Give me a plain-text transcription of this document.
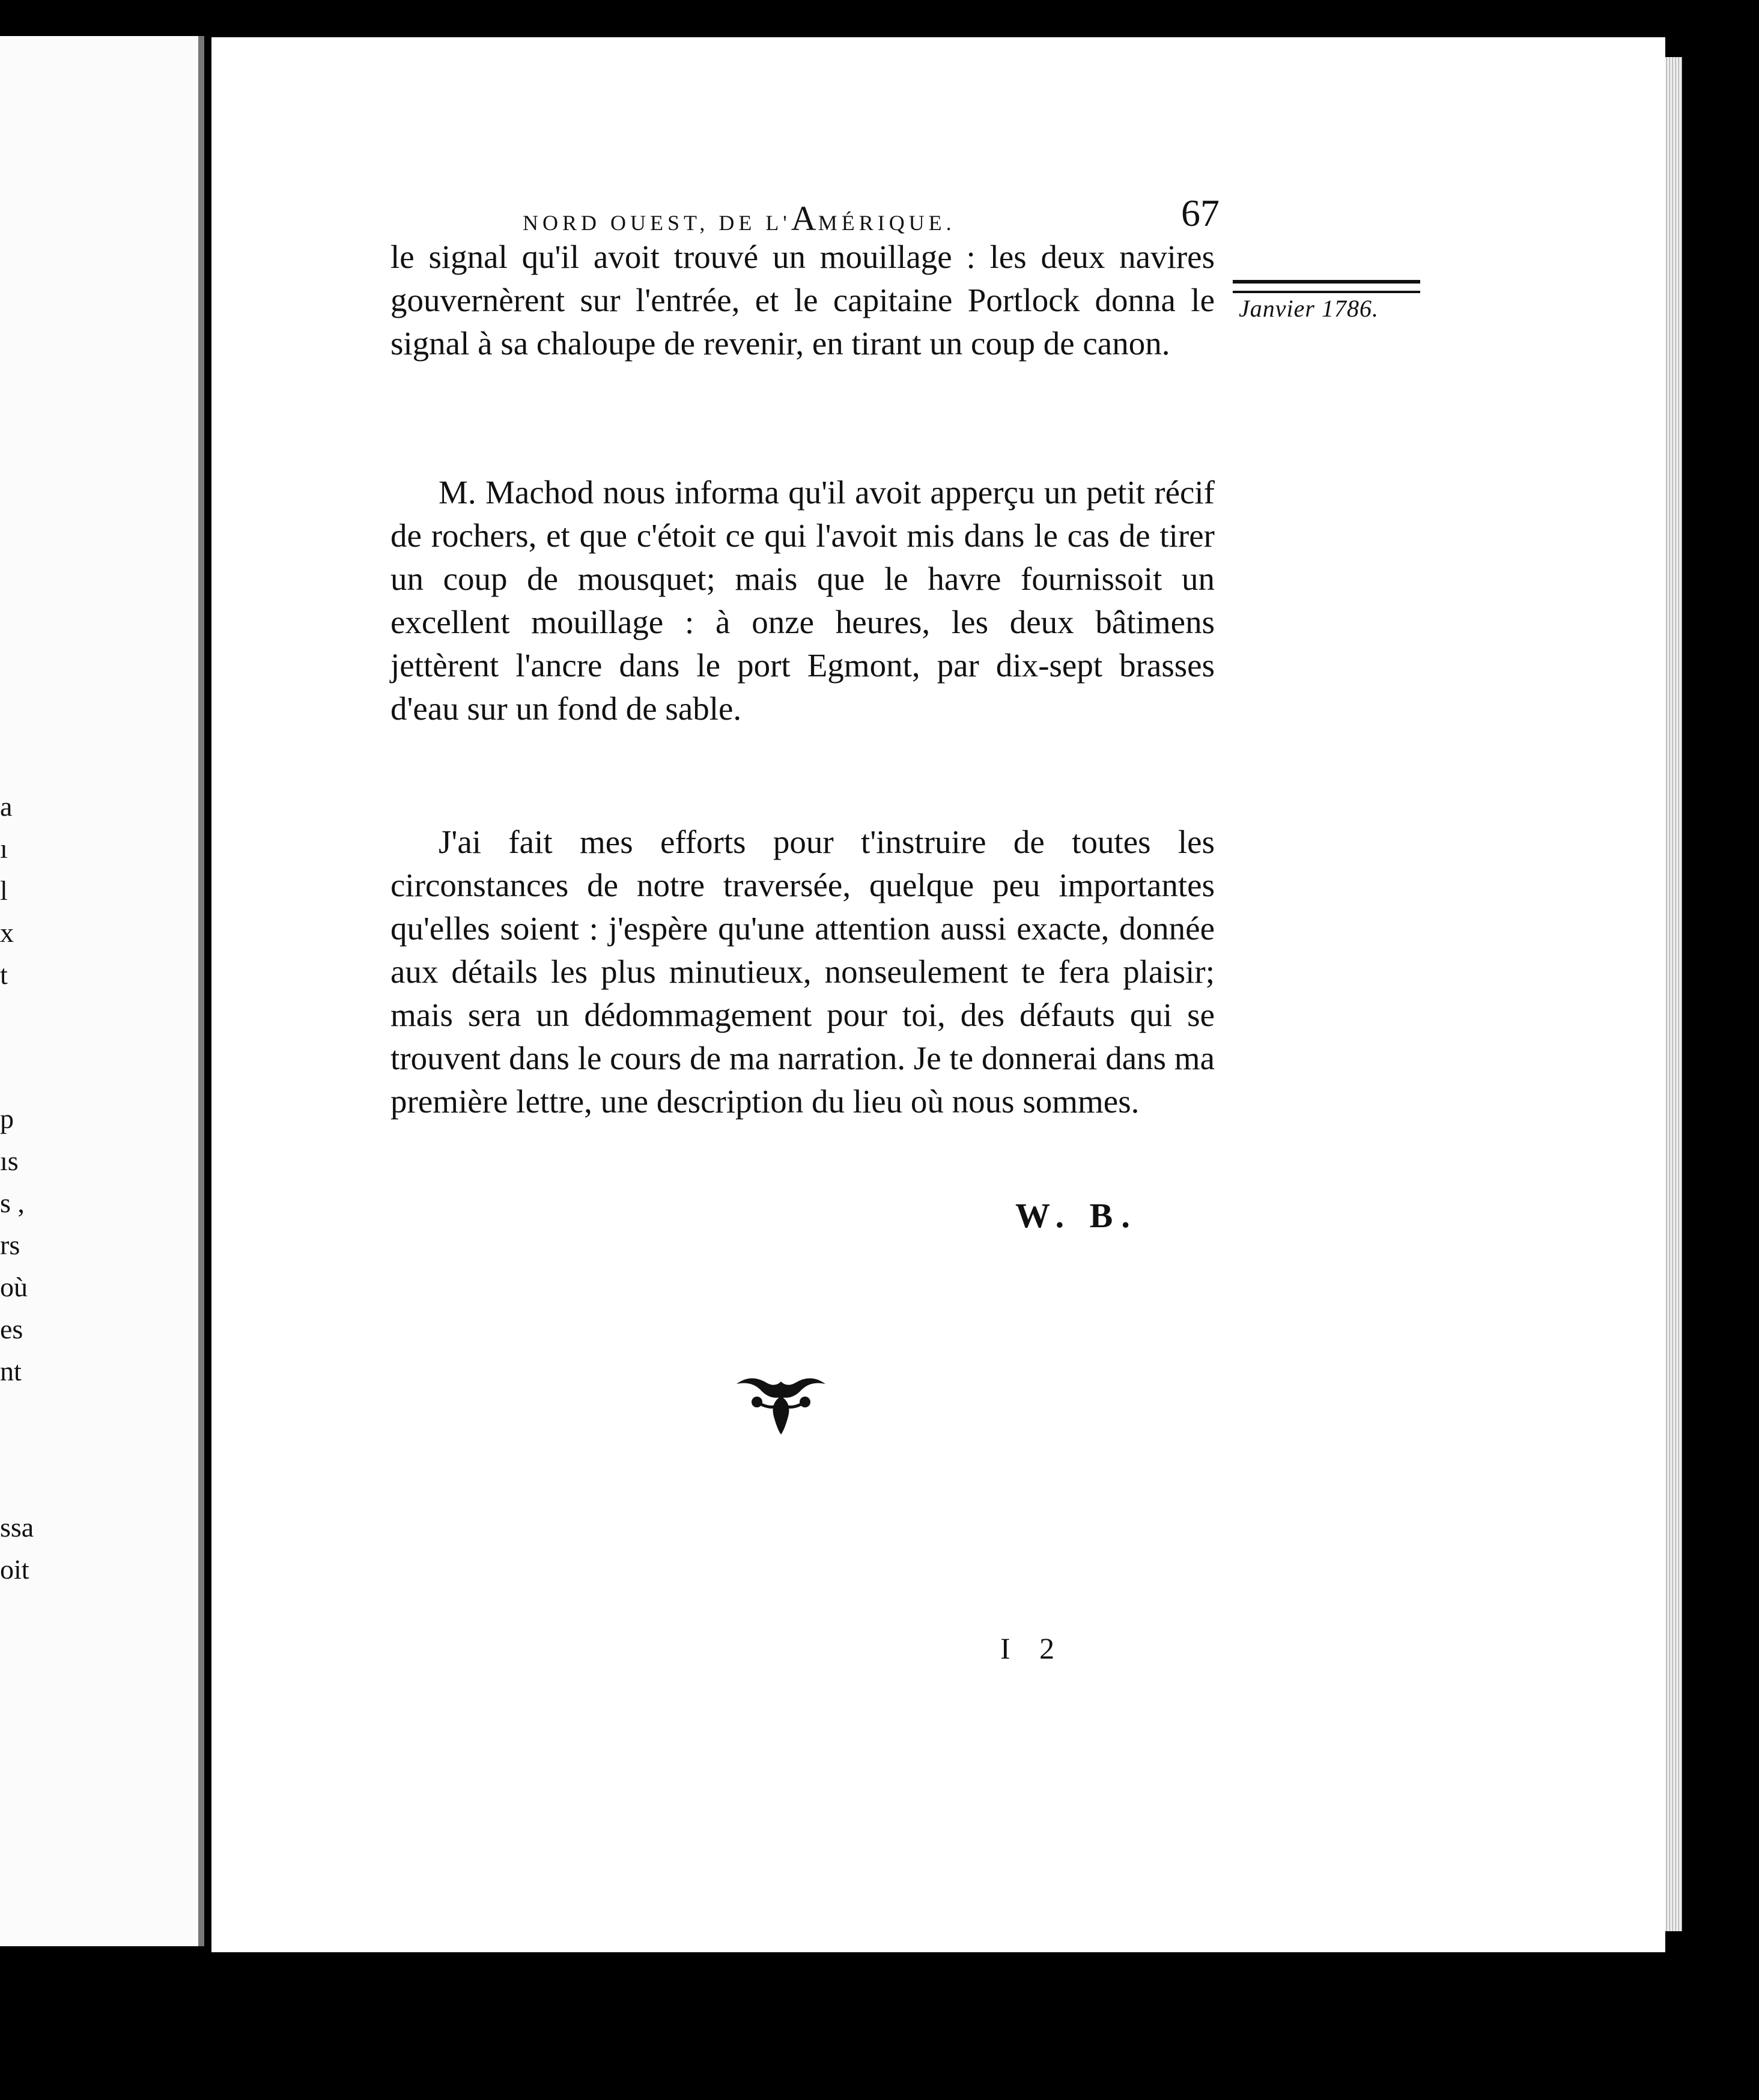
a
ı
l
x
t
p
ıs
s ,
rs
où
es
nt
ssa
oit
NORD OUEST, DE L'AMÉRIQUE.	67
Janvier 1786.

le signal qu'il avoit trouvé un mouillage : les deux navires gouvernèrent sur l'entrée, et le capitaine Portlock donna le signal à sa chaloupe de revenir, en tirant un coup de canon.

M. Machod nous informa qu'il avoit apperçu un petit récif de rochers, et que c'étoit ce qui l'avoit mis dans le cas de tirer un coup de mousquet; mais que le havre fournissoit un excellent mouillage : à onze heures, les deux bâtimens jettèrent l'ancre dans le port Egmont, par dix-sept brasses d'eau sur un fond de sable.

J'ai fait mes efforts pour t'instruire de toutes les circonstances de notre traversée, quelque peu importantes qu'elles soient : j'espère qu'une attention aussi exacte, donnée aux détails les plus minutieux, nonseulement te fera plaisir; mais sera un dédommagement pour toi, des défauts qui se trouvent dans le cours de ma narration. Je te donnerai dans ma première lettre, une description du lieu où nous sommes.

W. B.
I 2
